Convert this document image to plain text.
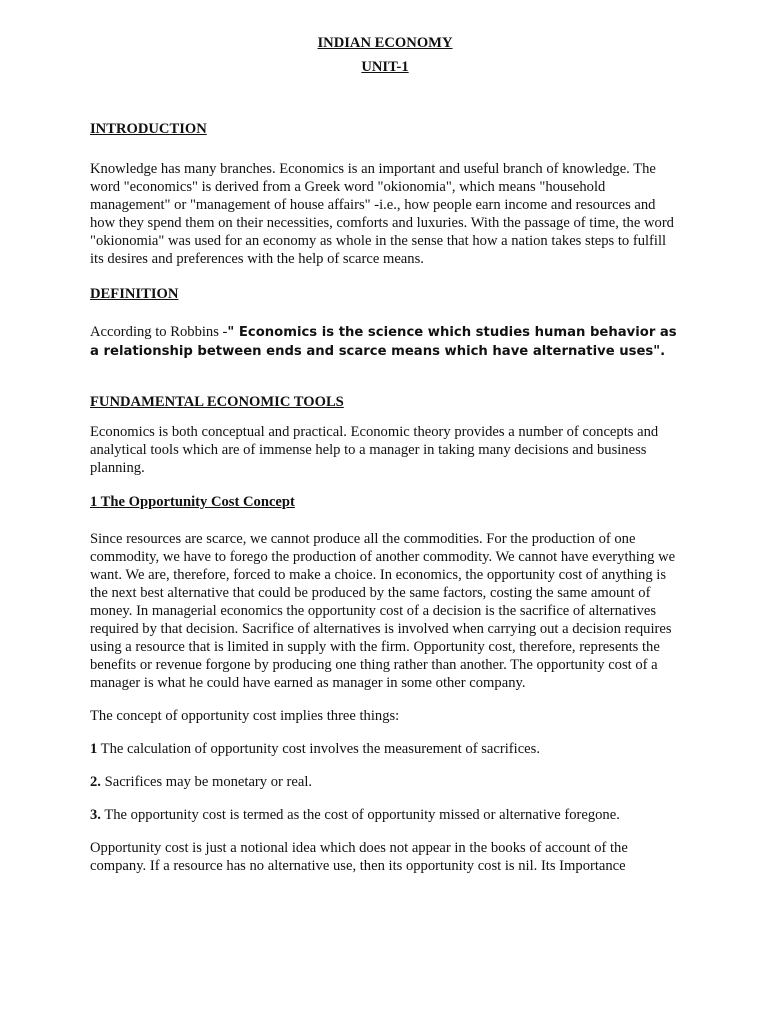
INDIAN ECONOMY

UNIT-1

INTRODUCTION

Knowledge has many branches. Economics is an important and useful branch of knowledge. The word "economics" is derived from a Greek word "okionomia", which means "household management" or "management of house affairs" -i.e., how people earn income and resources and how they spend them on their necessities, comforts and luxuries. With the passage of time, the word "okionomia" was used for an economy as whole in the sense that how a nation takes steps to fulfill its desires and preferences with the help of scarce means.

DEFINITION

According to Robbins -" Economics is the science which studies human behavior as a relationship between ends and scarce means which have alternative uses".

FUNDAMENTAL ECONOMIC TOOLS

Economics is both conceptual and practical. Economic theory provides a number of concepts and analytical tools which are of immense help to a manager in taking many decisions and business planning.

1 The Opportunity Cost Concept

Since resources are scarce, we cannot produce all the commodities. For the production of one commodity, we have to forego the production of another commodity. We cannot have everything we want. We are, therefore, forced to make a choice. In economics, the opportunity cost of anything is the next best alternative that could be produced by the same factors, costing the same amount of money. In managerial economics the opportunity cost of a decision is the sacrifice of alternatives required by that decision. Sacrifice of alternatives is involved when carrying out a decision requires using a resource that is limited in supply with the firm. Opportunity cost, therefore, represents the benefits or revenue forgone by producing one thing rather than another. The opportunity cost of a manager is what he could have earned as manager in some other company.

The concept of opportunity cost implies three things:

1 The calculation of opportunity cost involves the measurement of sacrifices.

2. Sacrifices may be monetary or real.

3. The opportunity cost is termed as the cost of opportunity missed or alternative foregone.

Opportunity cost is just a notional idea which does not appear in the books of account of the company. If a resource has no alternative use, then its opportunity cost is nil. Its Importance
